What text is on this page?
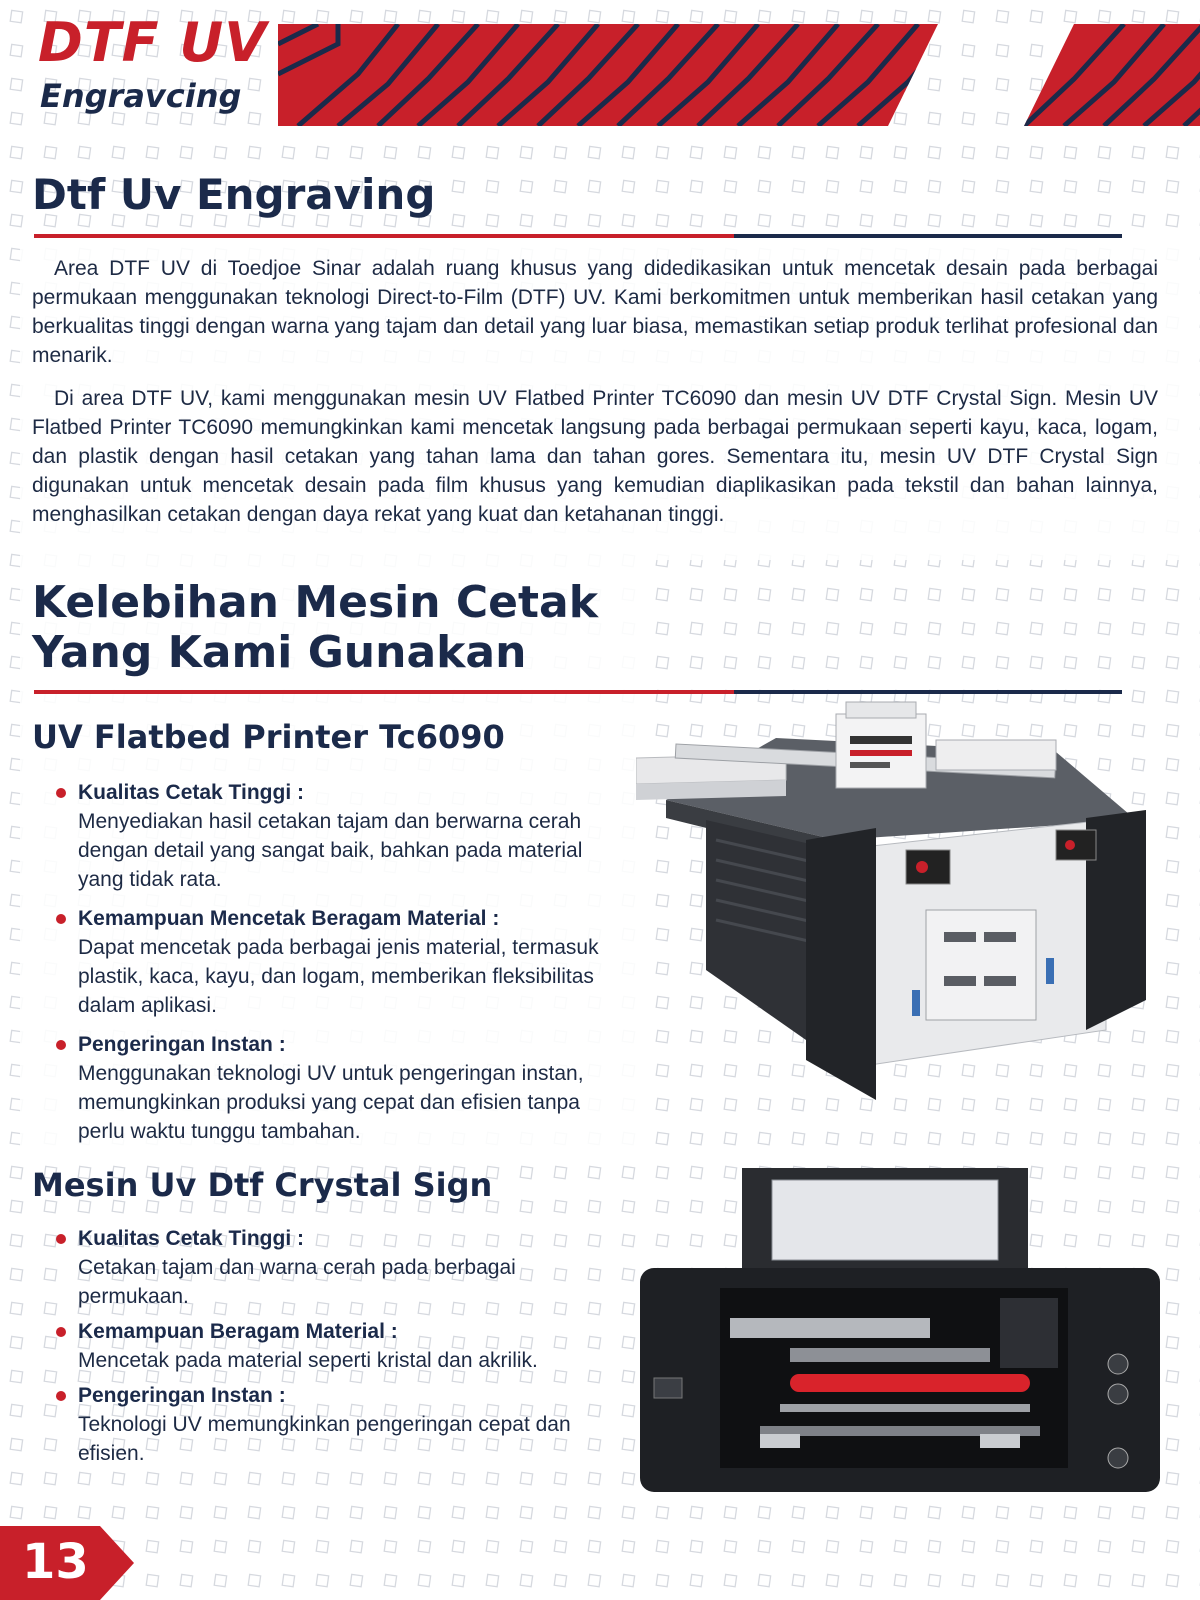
DTF UV
Engravcing
Dtf Uv Engraving

Area DTF UV di Toedjoe Sinar adalah ruang khusus yang didedikasikan untuk mencetak desain pada berbagai permukaan menggunakan teknologi Direct-to-Film (DTF) UV. Kami berkomitmen untuk memberikan hasil cetakan yang berkualitas tinggi dengan warna yang tajam dan detail yang luar biasa, memastikan setiap produk terlihat profesional dan menarik.

Di area DTF UV, kami menggunakan mesin UV Flatbed Printer TC6090 dan mesin UV DTF Crystal Sign. Mesin UV Flatbed Printer TC6090 memungkinkan kami mencetak langsung pada berbagai permukaan seperti kayu, kaca, logam, dan plastik dengan hasil cetakan yang tahan lama dan tahan gores. Sementara itu, mesin UV DTF Crystal Sign digunakan untuk mencetak desain pada film khusus yang kemudian diaplikasikan pada tekstil dan bahan lainnya, menghasilkan cetakan dengan daya rekat yang kuat dan ketahanan tinggi.

Kelebihan Mesin Cetak
Yang Kami Gunakan
UV Flatbed Printer Tc6090
Kualitas Cetak Tinggi :
Menyediakan hasil cetakan tajam dan berwarna cerah dengan detail yang sangat baik, bahkan pada material yang tidak rata.
Kemampuan Mencetak Beragam Material :
Dapat mencetak pada berbagai jenis material, termasuk plastik, kaca, kayu, dan logam, memberikan fleksibilitas dalam aplikasi.
Pengeringan Instan :
Menggunakan teknologi UV untuk pengeringan instan, memungkinkan produksi yang cepat dan efisien tanpa perlu waktu tunggu tambahan.
Mesin Uv Dtf Crystal Sign
Kualitas Cetak Tinggi :
Cetakan tajam dan warna cerah pada berbagai permukaan.
Kemampuan Beragam Material :
Mencetak pada material seperti kristal dan akrilik.
Pengeringan Instan :
Teknologi UV memungkinkan pengeringan cepat dan efisien.
13
